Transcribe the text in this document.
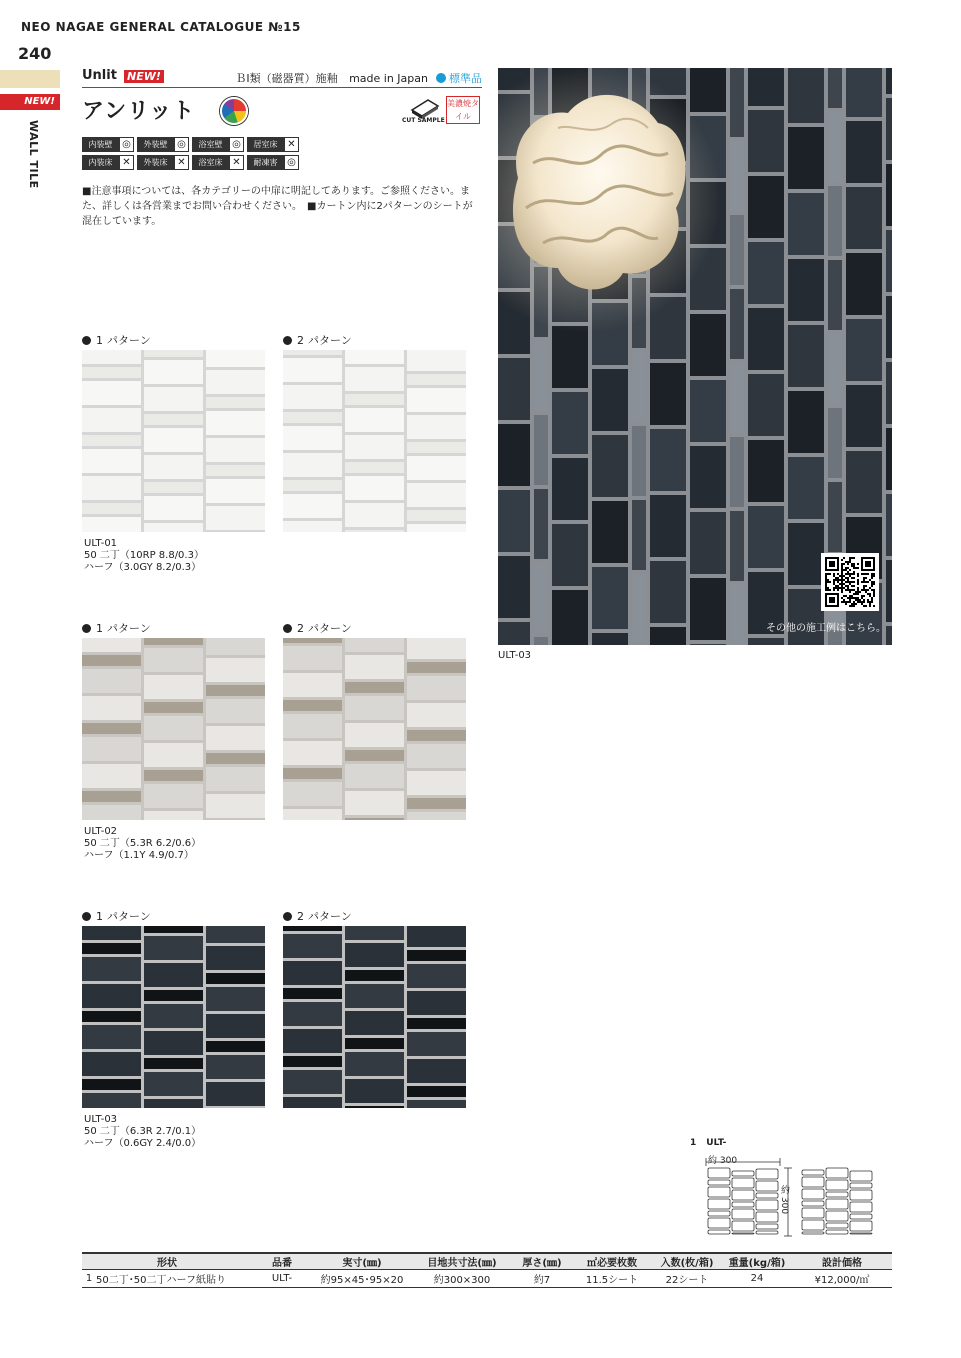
NEO NAGAE GENERAL CATALOGUE №15
240
NEW!
WALL TILE
Unlit NEW!	ＢⅠ類（磁器質）施釉 made in Japan 標準品
アンリット	CUT SAMPLE
美濃焼タイル
内装壁 ◎	外装壁 ◎	浴室壁 ◎	居室床 ✕
内装床 ✕	外装床 ✕	浴室床 ✕	耐凍害 ◎
■注意事項については、各カテゴリーの中扉に明記してあります。ご参照ください。また、詳しくは各営業までお問い合わせください。　■カートン内に2パターンのシートが混在しています。
1 パターン	2 パターン
1 パターン	2 パターン
1 パターン	2 パターン
ULT-01
50 二丁（10RP 8.8/0.3）
ハーフ（3.0GY 8.2/0.3）
ULT-02
50 二丁（5.3R 6.2/0.6）
ハーフ（1.1Y 4.9/0.7）
ULT-03
50 二丁（6.3R 2.7/0.1）
ハーフ（0.6GY 2.4/0.0）
その他の施工例はこちら。
ULT-03
1 ULT-
約 300
約 300
形状		品番	実寸(㎜)	目地共寸法(㎜)	厚さ(㎜)	㎡必要枚数	入数(枚/箱)	重量(kg/箱)	設計価格
1	50二丁･50二丁ハーフ紙貼り	ULT-	約95×45･95×20	約300×300	約7	11.5シート	22シート	24	¥12,000/㎡
